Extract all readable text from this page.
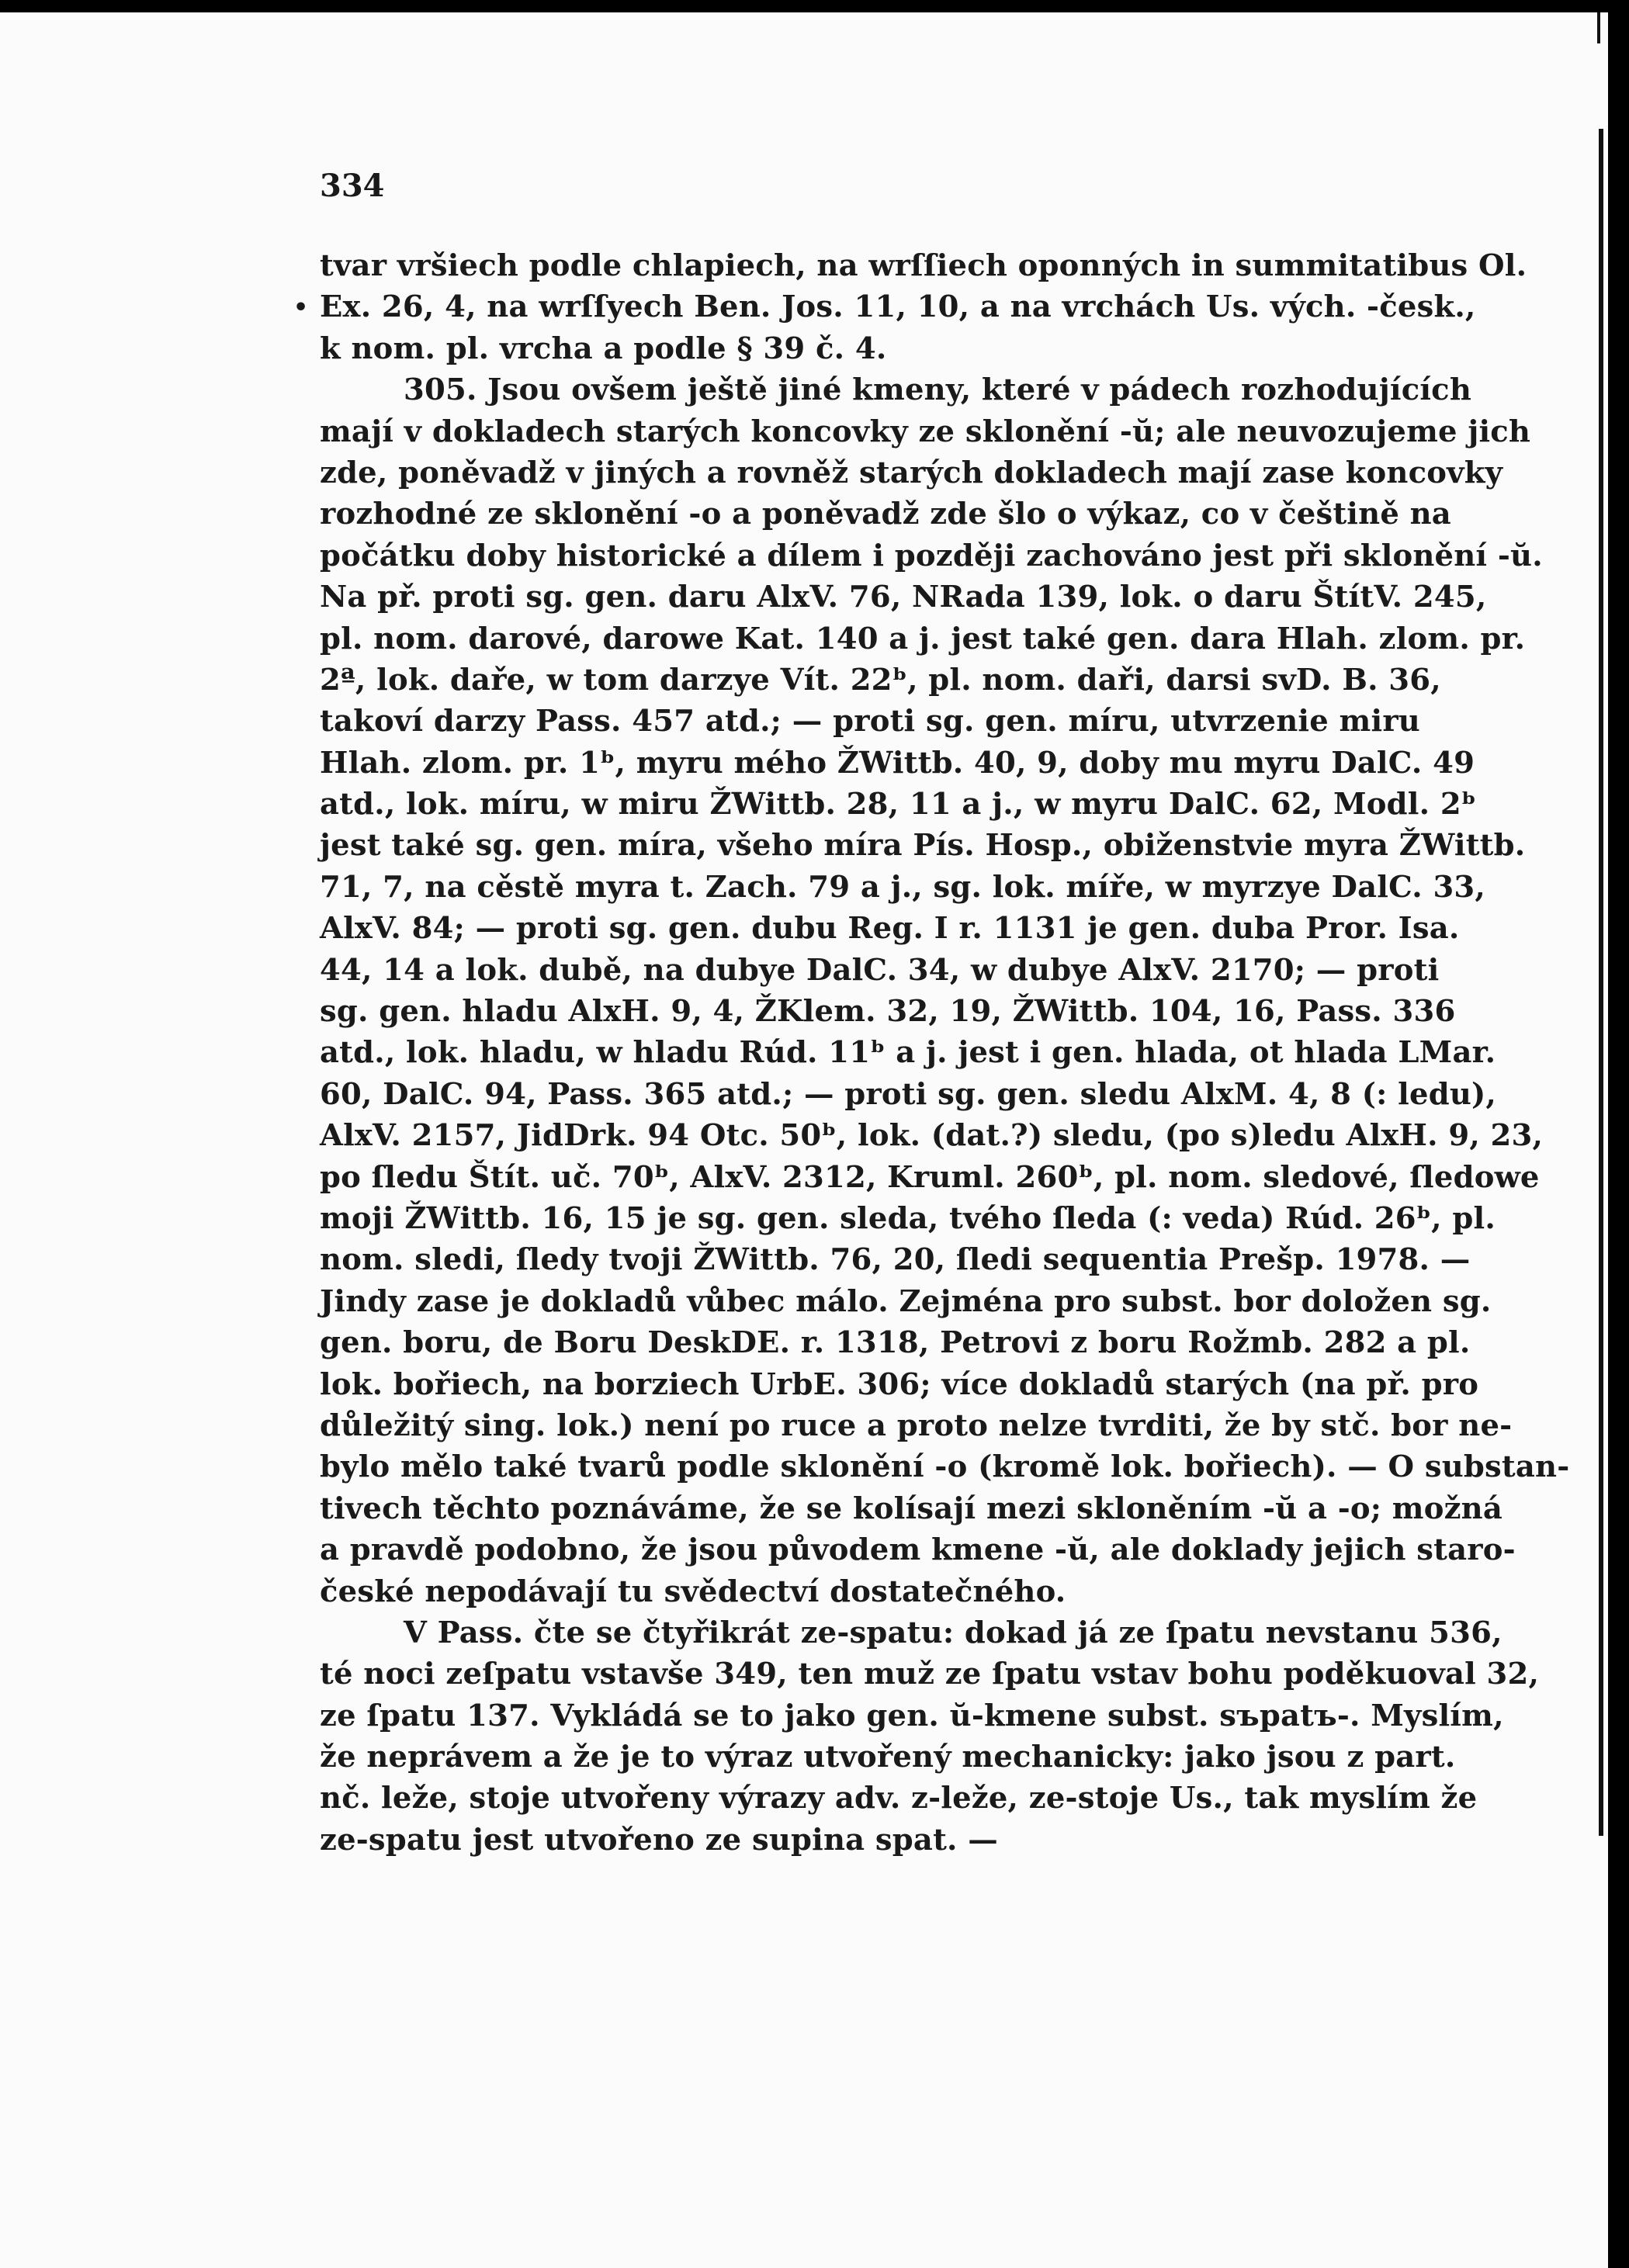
334
•
tvar vršiech podle chlapiech, na wrſſiech oponných in summitatibus Ol.
Ex. 26, 4, na wrſſyech Ben. Jos. 11, 10, a na vrchách Us. vých. -česk.,
k nom. pl. vrcha a podle § 39 č. 4.
305. Jsou ovšem ještě jiné kmeny, které v pádech rozhodujících
mají v dokladech starých koncovky ze sklonění -ŭ; ale neuvozujeme jich
zde, poněvadž v jiných a rovněž starých dokladech mají zase koncovky
rozhodné ze sklonění -o a poněvadž zde šlo o výkaz, co v češtině na
počátku doby historické a dílem i později zachováno jest při sklonění -ŭ.
Na př. proti sg. gen. daru AlxV. 76, NRada 139, lok. o daru ŠtítV. 245,
pl. nom. darové, darowe Kat. 140 a j. jest také gen. dara Hlah. zlom. pr.
2ª, lok. daře, w tom darzye Vít. 22ᵇ, pl. nom. daři, darsi svD. B. 36,
takoví darzy Pass. 457 atd.; — proti sg. gen. míru, utvrzenie miru
Hlah. zlom. pr. 1ᵇ, myru mého ŽWittb. 40, 9, doby mu myru DalC. 49
atd., lok. míru, w miru ŽWittb. 28, 11 a j., w myru DalC. 62, Modl. 2ᵇ
jest také sg. gen. míra, všeho míra Pís. Hosp., obiženstvie myra ŽWittb.
71, 7, na cěstě myra t. Zach. 79 a j., sg. lok. míře, w myrzye DalC. 33,
AlxV. 84; — proti sg. gen. dubu Reg. I r. 1131 je gen. duba Pror. Isa.
44, 14 a lok. dubě, na dubye DalC. 34, w dubye AlxV. 2170; — proti
sg. gen. hladu AlxH. 9, 4, ŽKlem. 32, 19, ŽWittb. 104, 16, Pass. 336
atd., lok. hladu, w hladu Rúd. 11ᵇ a j. jest i gen. hlada, ot hlada LMar.
60, DalC. 94, Pass. 365 atd.; — proti sg. gen. sledu AlxM. 4, 8 (: ledu),
AlxV. 2157, JidDrk. 94 Otc. 50ᵇ, lok. (dat.?) sledu, (po s)ledu AlxH. 9, 23,
po ſledu Štít. uč. 70ᵇ, AlxV. 2312, Kruml. 260ᵇ, pl. nom. sledové, ſledowe
moji ŽWittb. 16, 15 je sg. gen. sleda, tvého ſleda (: veda) Rúd. 26ᵇ, pl.
nom. sledi, ſledy tvoji ŽWittb. 76, 20, ſledi sequentia Prešp. 1978. —
Jindy zase je dokladů vůbec málo. Zejména pro subst. bor doložen sg.
gen. boru, de Boru DeskDE. r. 1318, Petrovi z boru Rožmb. 282 a pl.
lok. bořiech, na borziech UrbE. 306; více dokladů starých (na př. pro
důležitý sing. lok.) není po ruce a proto nelze tvrditi, že by stč. bor ne-
bylo mělo také tvarů podle sklonění -o (kromě lok. bořiech). — O substan-
tivech těchto poznáváme, že se kolísají mezi skloněním -ŭ a -o; možná
a pravdě podobno, že jsou původem kmene -ŭ, ale doklady jejich staro-
české nepodávají tu svědectví dostatečného.
V Pass. čte se čtyřikrát ze-spatu: dokad já ze ſpatu nevstanu 536,
té noci zeſpatu vstavše 349, ten muž ze ſpatu vstav bohu poděkuoval 32,
ze ſpatu 137. Vykládá se to jako gen. ŭ-kmene subst. sъpatъ-. Myslím,
že neprávem a že je to výraz utvořený mechanicky: jako jsou z part.
nč. leže, stoje utvořeny výrazy adv. z-leže, ze-stoje Us., tak myslím že
ze-spatu jest utvořeno ze supina spat. —
